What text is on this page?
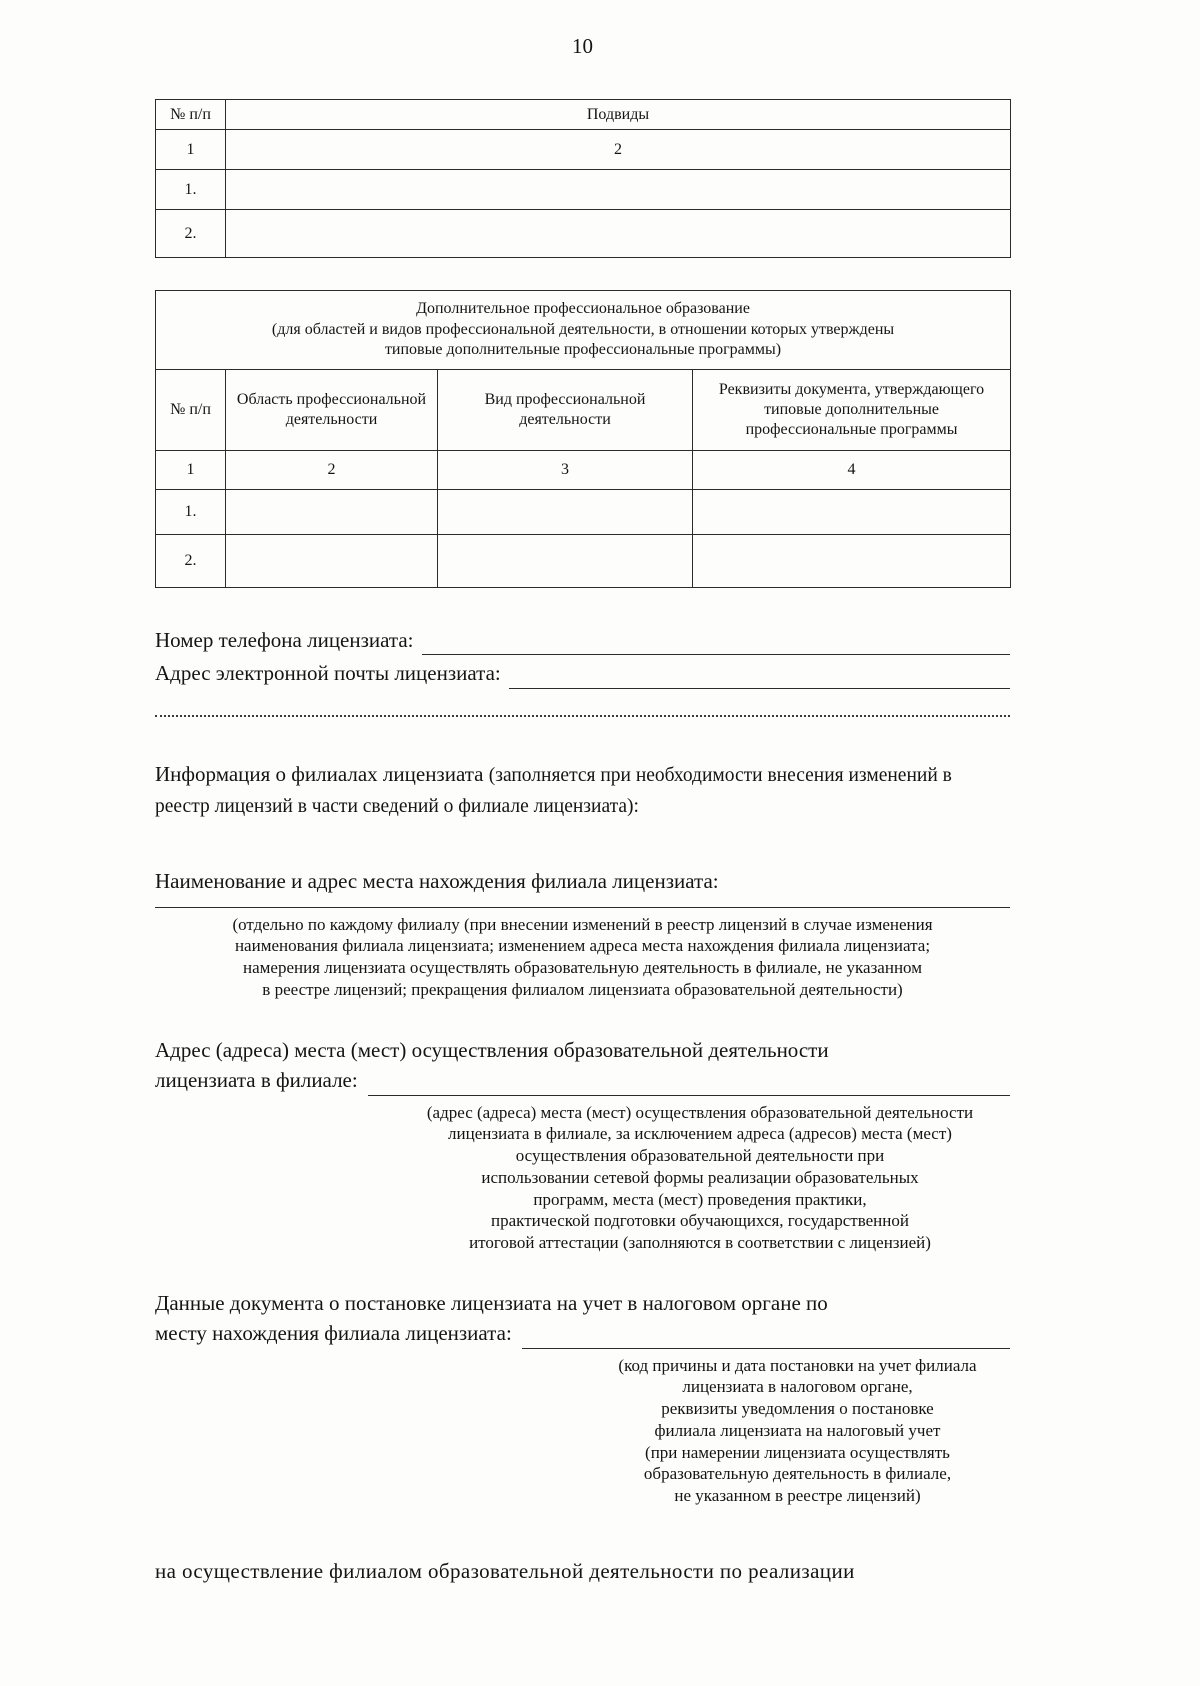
10
№ п/п	Подвиды
1	2
1.	
2.	
Дополнительное профессиональное образование
(для областей и видов профессиональной деятельности, в отношении которых утверждены
типовые дополнительные профессиональные программы)			

№ п/п	Область профессиональной деятельности	Вид профессиональной деятельности	Реквизиты документа, утверждающего типовые дополнительные профессиональные программы
1	2	3	4
1.			
2.			
Номер телефона лицензиата:
Адрес электронной почты лицензиата:
Информация о филиалах лицензиата (заполняется при необходимости внесения изменений в реестр лицензий в части сведений о филиале лицензиата):
Наименование и адрес места нахождения филиала лицензиата:
(отдельно по каждому филиалу (при внесении изменений в реестр лицензий в случае изменения
наименования филиала лицензиата; изменением адреса места нахождения филиала лицензиата;
намерения лицензиата осуществлять образовательную деятельность в филиале, не указанном
в реестре лицензий; прекращения филиалом лицензиата образовательной деятельности)
Адрес (адреса) места (мест) осуществления образовательной деятельности
лицензиата в филиале:
(адрес (адреса) места (мест) осуществления образовательной деятельности
лицензиата в филиале, за исключением адреса (адресов) места (мест)
осуществления образовательной деятельности при
использовании сетевой формы реализации образовательных
программ, места (мест) проведения практики,
практической подготовки обучающихся, государственной
итоговой аттестации (заполняются в соответствии с лицензией)
Данные документа о постановке лицензиата на учет в налоговом органе по
месту нахождения филиала лицензиата:
(код причины и дата постановки на учет филиала
лицензиата в налоговом органе,
реквизиты уведомления о постановке
филиала лицензиата на налоговый учет
(при намерении лицензиата осуществлять
образовательную деятельность в филиале,
не указанном в реестре лицензий)
на осуществление филиалом образовательной деятельности по реализации
